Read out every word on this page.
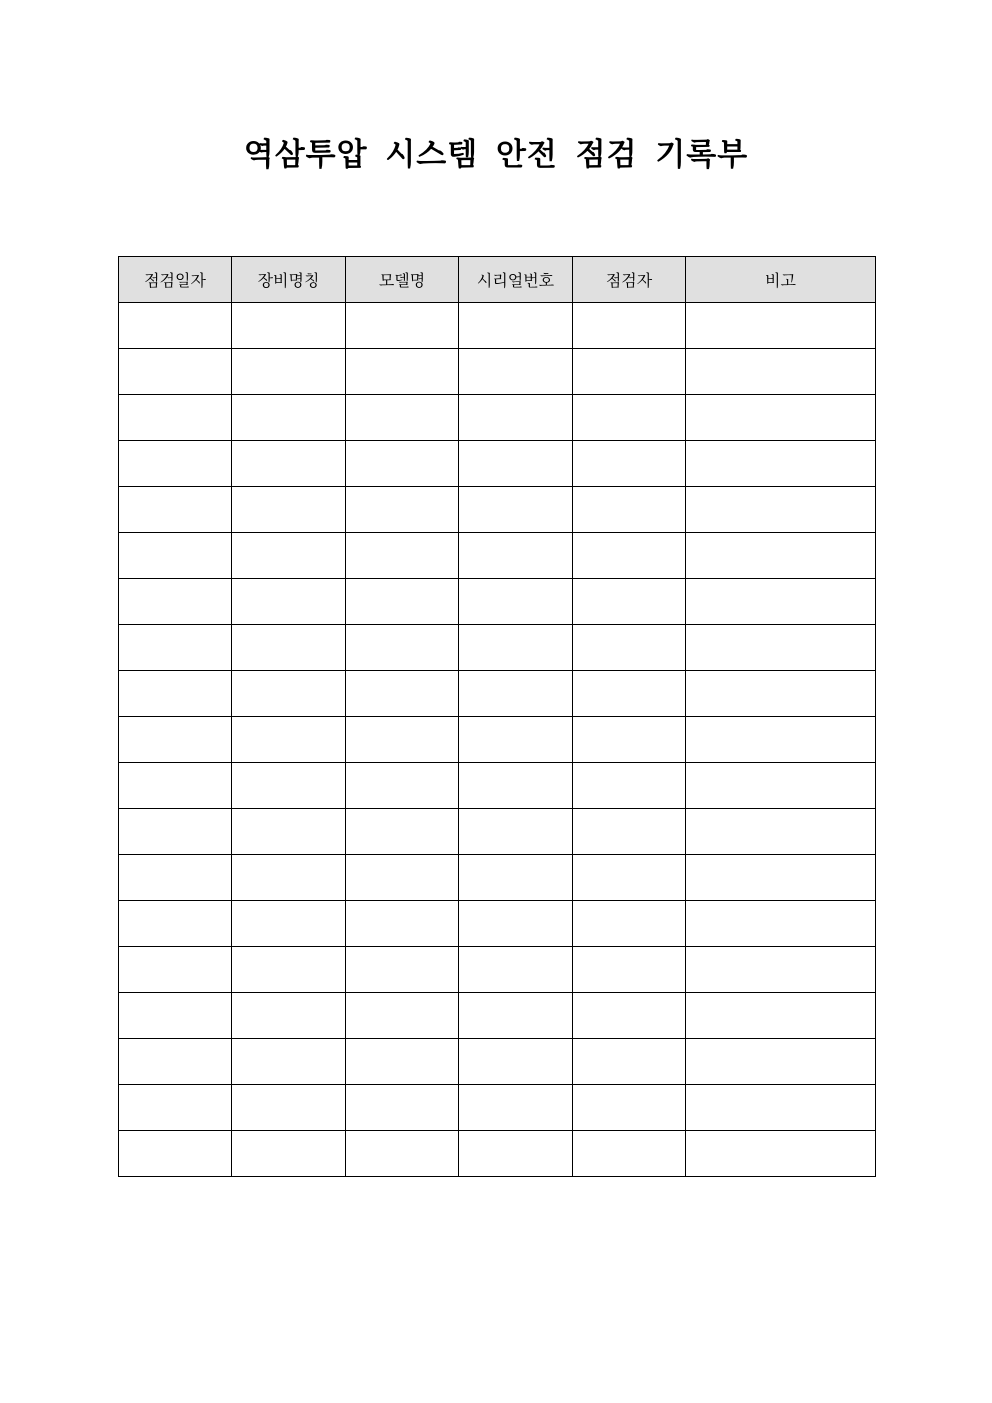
역삼투압 시스템 안전 점검 기록부
점검일자	장비명칭	모델명	시리얼번호	점검자	비고
